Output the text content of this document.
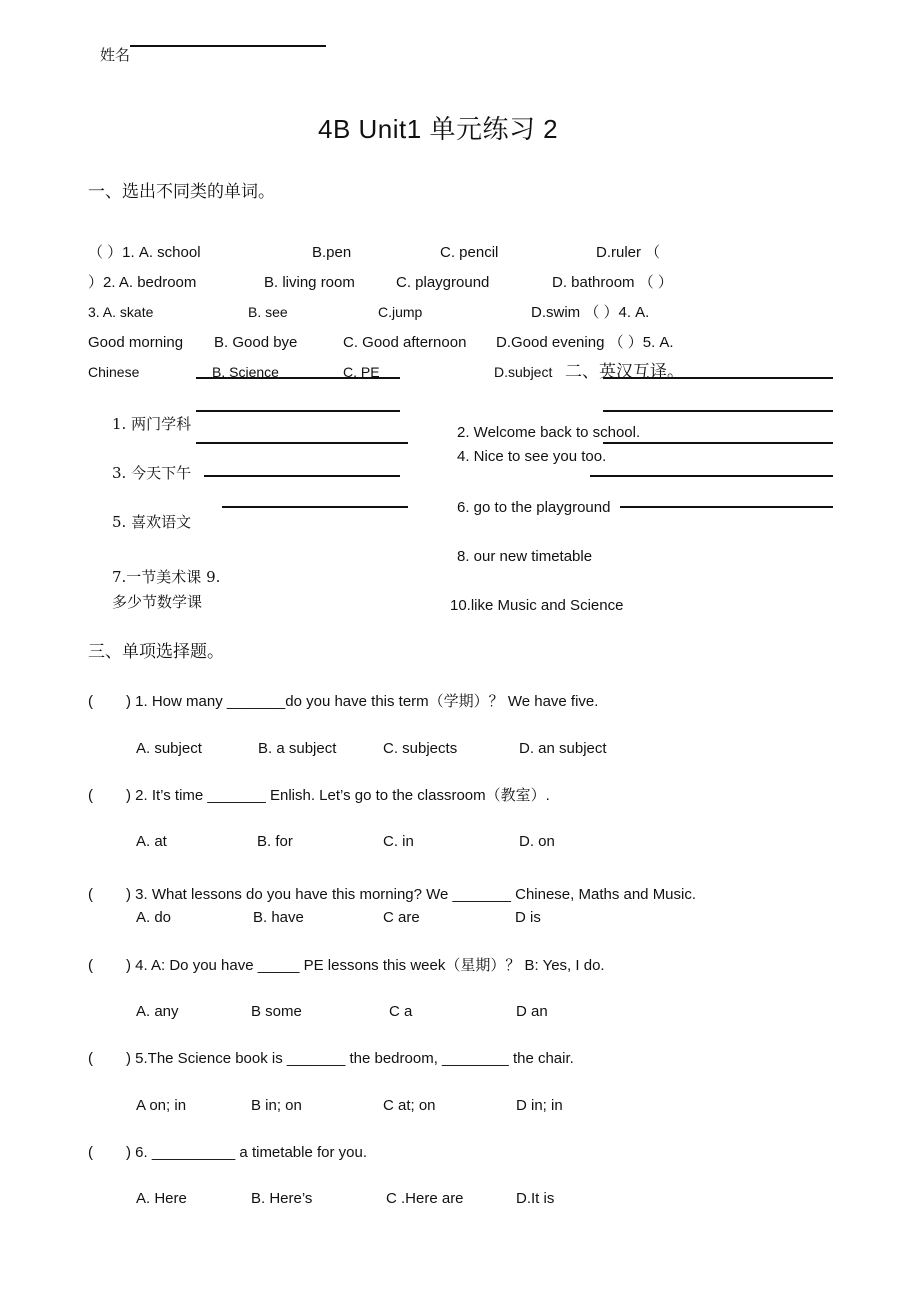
姓名
4B Unit1 单元练习 2
一、选出不同类的单词。
（ ）1. A. school	B.pen	C. pencil	D.ruler （
）2. A. bedroom	B. living room	C. playground	D. bathroom （ ）
3. A. skate	B. see	C.jump	D.swim （ ）4. A.
Good morning B. Good bye	C. Good afternoon D.Good evening （ ）5. A.
Chinese	B. Science	C. PE	D.subject 二、英汉互译。
1. 两门学科	2. Welcome back to school.
4. Nice to see you too.
3. 今天下午
6. go to the playground
5. 喜欢语文
8. our new timetable
7.一节美术课 9.
多少节数学课	10.like Music and Science
三、单项选择题。
( ) 1. How many _______do you have this term（学期）？ We have five.
A. subject	B. a subject	C. subjects	D. an subject
( ) 2. It’s time _______ Enlish. Let’s go to the classroom（教室）.
A. at	B. for	C. in	D. on
( ) 3. What lessons do you have this morning? We _______ Chinese, Maths and Music.
A. do	B. have	C are	D is
( ) 4. A: Do you have _____ PE lessons this week（星期）？ B: Yes, I do.
A. any	B some	C a	D an
( ) 5.The Science book is _______ the bedroom, ________ the chair.
A on; in	B in; on	C at; on	D in; in
( ) 6. __________ a timetable for you.
A. Here	B. Here’s	C .Here are	D.It is
